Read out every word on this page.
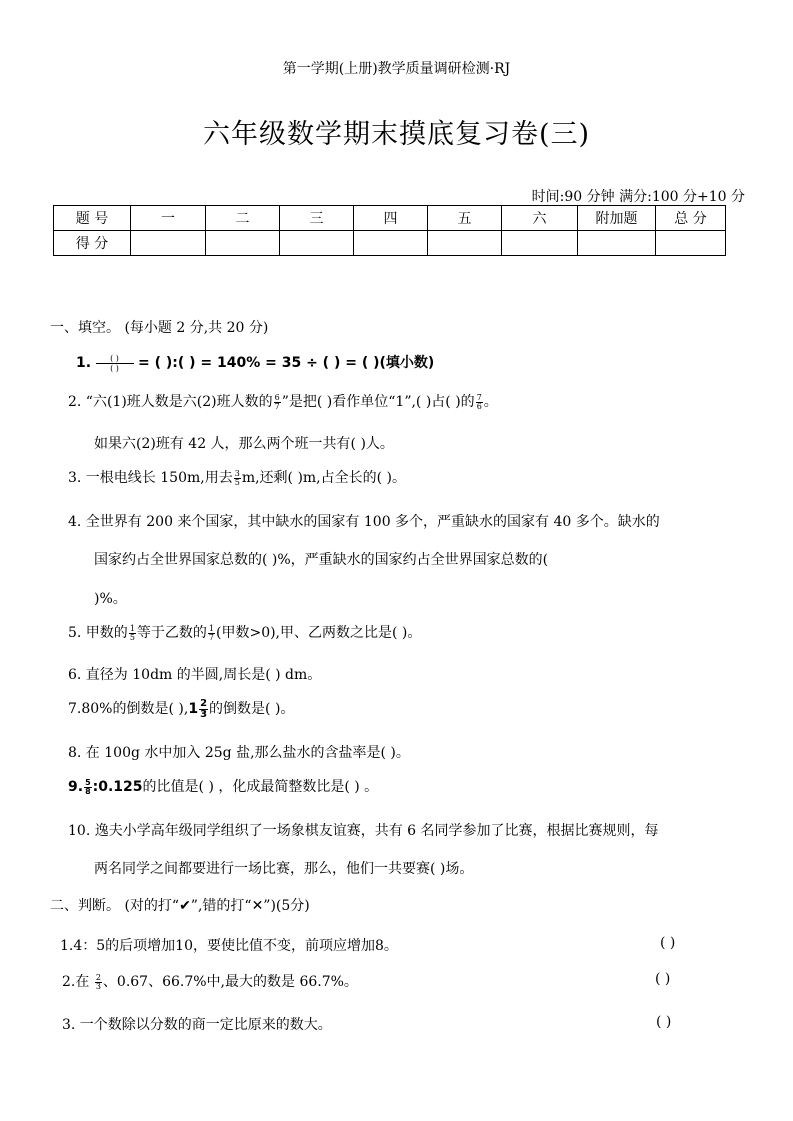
第一学期(上册)教学质量调研检测·RJ
六年级数学期末摸底复习卷(三)
时间:90 分钟 满分:100 分+10 分
题 号	一	二	三	四	五	六	附加题	总 分
得 分								
一、填空。 (每小题 2 分,共 20 分)
1.	( )
( ) = ( ):( ) = 140% = 35 ÷ ( ) = ( )(填小数)
2. “六(1)班人数是六(2)班人数的 $\frac{6}{7}$ ”是把( )看作单位“1”,( )占( )的 $\frac{7}{6}$ 。
如果六(2)班有 42 人，那么两个班一共有( )人。
3. 一根电线长 150m,用去 $\frac{3}{5} m$,还剩( )m,占全长的( )。
4. 全世界有 200 来个国家，其中缺水的国家有 100 多个，严重缺水的国家有 40 多个。缺水的
国家约占全世界国家总数的( )%，严重缺水的国家约占全世界国家总数的(
)%。
5. 甲数的 $\frac{1}{5}$ 等于乙数的 $\frac{1}{7}$ (甲数>0),甲、乙两数之比是( )。
6. 直径为 10dm 的半圆,周长是( ) dm。
7.80%的倒数是( )$,1 \frac{2}{3}$ 的倒数是( )。
8. 在 100g 水中加入 25g 盐,那么盐水的含盐率是( )。
9. $\frac{5}{8}$ :0.125的比值是( ) ，化成最简整数比是( ) 。
10. 逸夫小学高年级同学组织了一场象棋友谊赛，共有 6 名同学参加了比赛，根据比赛规则，每
两名同学之间都要进行一场比赛，那么，他们一共要赛( )场。
二、判断。 (对的打“✔”,错的打“✕”)(5分)
1.4：5的后项增加10，要使比值不变，前项应增加8。	( )
2.在 $\frac{2}{3}$ 、0.67、66.7%中,最大的数是 66.7%。	( )
3. 一个数除以分数的商一定比原来的数大。	( )
